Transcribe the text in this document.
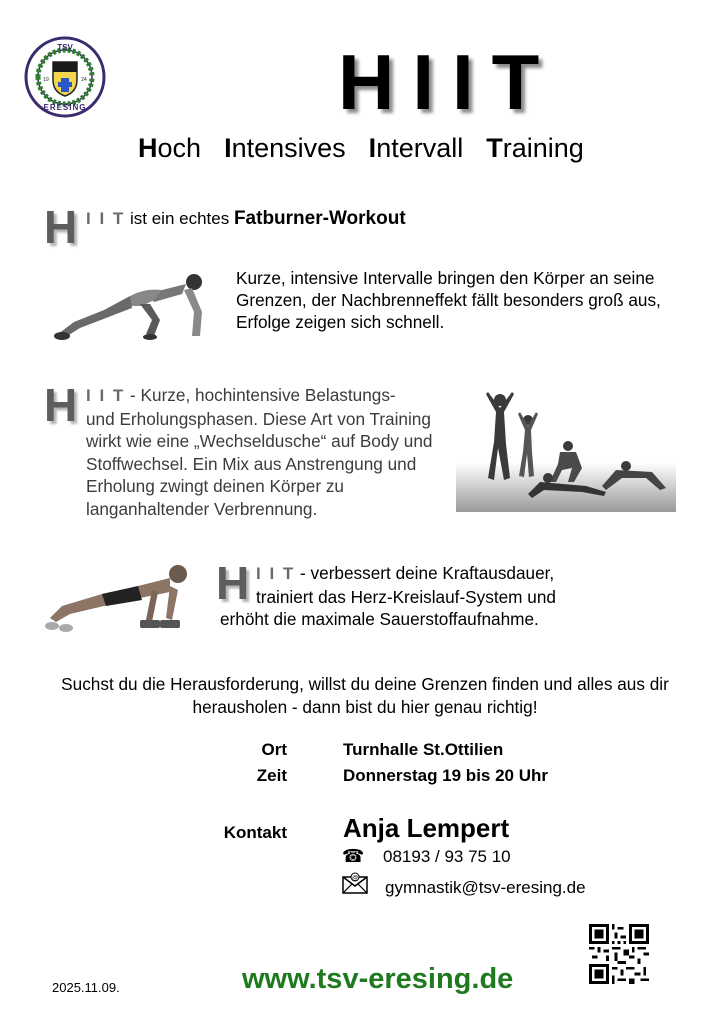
TSV
ERESING
19	24	HIIT
Hoch Intensives Intervall Training
H I I T ist ein echtes Fatburner-Workout
Kurze, intensive Intervalle bringen den Körper an seine Grenzen, der Nachbrenneffekt fällt besonders groß aus, Erfolge zeigen sich schnell.
H I I T - Kurze, hochintensive Belastungs-
und Erholungsphasen. Diese Art von Training wirkt wie eine „Wechseldusche“ auf Body und Stoffwechsel. Ein Mix aus Anstrengung und Erholung zwingt deinen Körper zu langanhaltender Verbrennung.
H I I T - verbessert deine Kraftausdauer,
trainiert das Herz-Kreislauf-System und
erhöht die maximale Sauerstoffaufnahme.
Suchst du die Herausforderung, willst du deine Grenzen finden und alles aus dir herausholen - dann bist du hier genau richtig!
Ort	Turnhalle St.Ottilien
Zeit	Donnerstag 19 bis 20 Uhr
Kontakt Anja Lempert
☎ 08193 / 93 75 10
@ gymnastik@tsv-eresing.de
2025.11.09.	www.tsv-eresing.de
